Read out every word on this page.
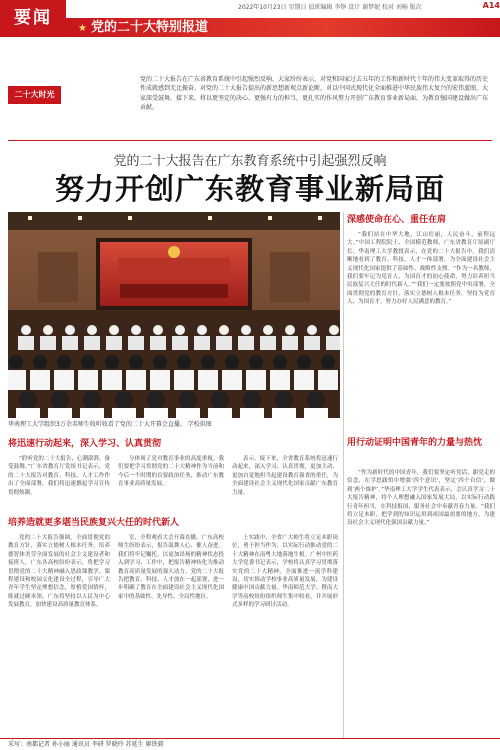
要闻
2022年10月23日 星期日 值班编辑 李铮 设计 谢梦妮 校对 刘畅 版次	A14
★ 党的二十大特别报道
二十大时光
党的二十大报告在广东省教育系统中引起强烈反响，大家纷纷表示，对党和国家过去五年的工作和新时代十年的伟大变革取得的历史性成就感到无比振奋。对党的二十大报告提出的新思想新观点新论断，对以中国式现代化全面推进中华民族伟大复兴的宏伟蓝图，大家深受鼓舞。接下来，将以更坚定的决心、更强有力的担当，更扎实的作风努力开创广东教育事业新局面，为教育强国建设做出广东贡献。
党的二十大报告在广东教育系统中引起强烈反响
努力开创广东教育事业新局面
华南理工大学组织3万余名师生收听收看了党的二十大开幕会直播。 学校供图
深感使命在心、重任在肩
“我们站在中华大地，江山壮丽，人民奋斗，前程远大。”中国工程院院士、全国模范教师、广东省教育厅原副厅长、华南理工大学教授表示，在党的二十大报告中，我们清晰地看到了教育、科技、人才一体部署，为全面建设社会主义现代化国家提供了基础性、战略性支撑。“作为一名教师，我们要牢记为党育人、为国育才的初心使命，努力培养担当民族复兴大任的时代新人。”“我们一定要按照党中央部署，全面贯彻党的教育方针，落实立德树人根本任务，坚持为党育人、为国育才，努力办好人民满意的教育。”
用行动证明中国青年的力量与热忱
“作为新时代的中国青年，我们要坚定听党话、跟党走的信念，在学思践悟中增强‘四个意识’，坚定‘四个自信’，做到‘两个维护’。”华南理工大学学生代表表示，会认真学习二十大报告精神，将个人理想融入国家发展大局，以实际行动践行青年担当，在科技报国、服务社会中奉献青春力量。“我们将立足本职，把学到的知识运用到祖国最需要的地方，为建设社会主义现代化强国贡献力量。”
将迅速行动起来，深入学习、认真贯彻
“聆听党的二十大报告，心潮澎湃，备受鼓舞。”广东省教育厅党组书记表示，党的二十大报告对教育、科技、人才工作作出了全面部署，我们将迅速掀起学习宣传贯彻热潮。
分体现了党对教育事业的高度重视。我们要把学习贯彻党的二十大精神作为当前和今后一个时期的首要政治任务，推动广东教育事业高质量发展。
表示，接下来，全省教育系统将迅速行动起来，深入学习、认真贯彻，更加主动、更加自觉地担当起建设教育强省的重任，为全面建设社会主义现代化国家贡献广东教育力量。
培养造就更多堪当民族复兴大任的时代新人
党的二十大报告强调，全面贯彻党的教育方针，落实立德树人根本任务，培养德智体美劳全面发展的社会主义建设者和接班人。广东各高校纷纷表示，将把学习贯彻党的二十大精神融入思政课教学、课程建设和校园文化建设全过程，引导广大青年学生坚定理想信念，厚植爱国情怀，练就过硬本领。广东将坚持以人民为中心发展教育，加快建设高质量教育体系。
室，全程观看大会开幕直播。广东高校师生纷纷表示，报告鼓舞人心、催人奋进。我们将牢记嘱托，以更加昂扬的精神状态投入到学习、工作中，把报告精神转化为推动教育高质量发展的强大动力。党的二十大报告把教育、科技、人才放在一起部署，进一步明确了教育在全面建设社会主义现代化国家中的基础性、先导性、全局性地位。
上实践中，全省广大师生将立足本职岗位，勇于担当作为，以实际行动推动党的二十大精神在南粤大地落地生根。广州中医药大学党委书记表示，学校将认真学习贯彻落实党的二十大精神，全面推进一流学科建设，切实推动学校事业高质量发展，为建设健康中国贡献力量。华南师范大学、暨南大学等高校纷纷组织师生集中收看，并开展形式多样的学习研讨活动。
采写：南都记者 孙小丽 通讯员 李研 罗晓玲 苏延生 廖铁毅
